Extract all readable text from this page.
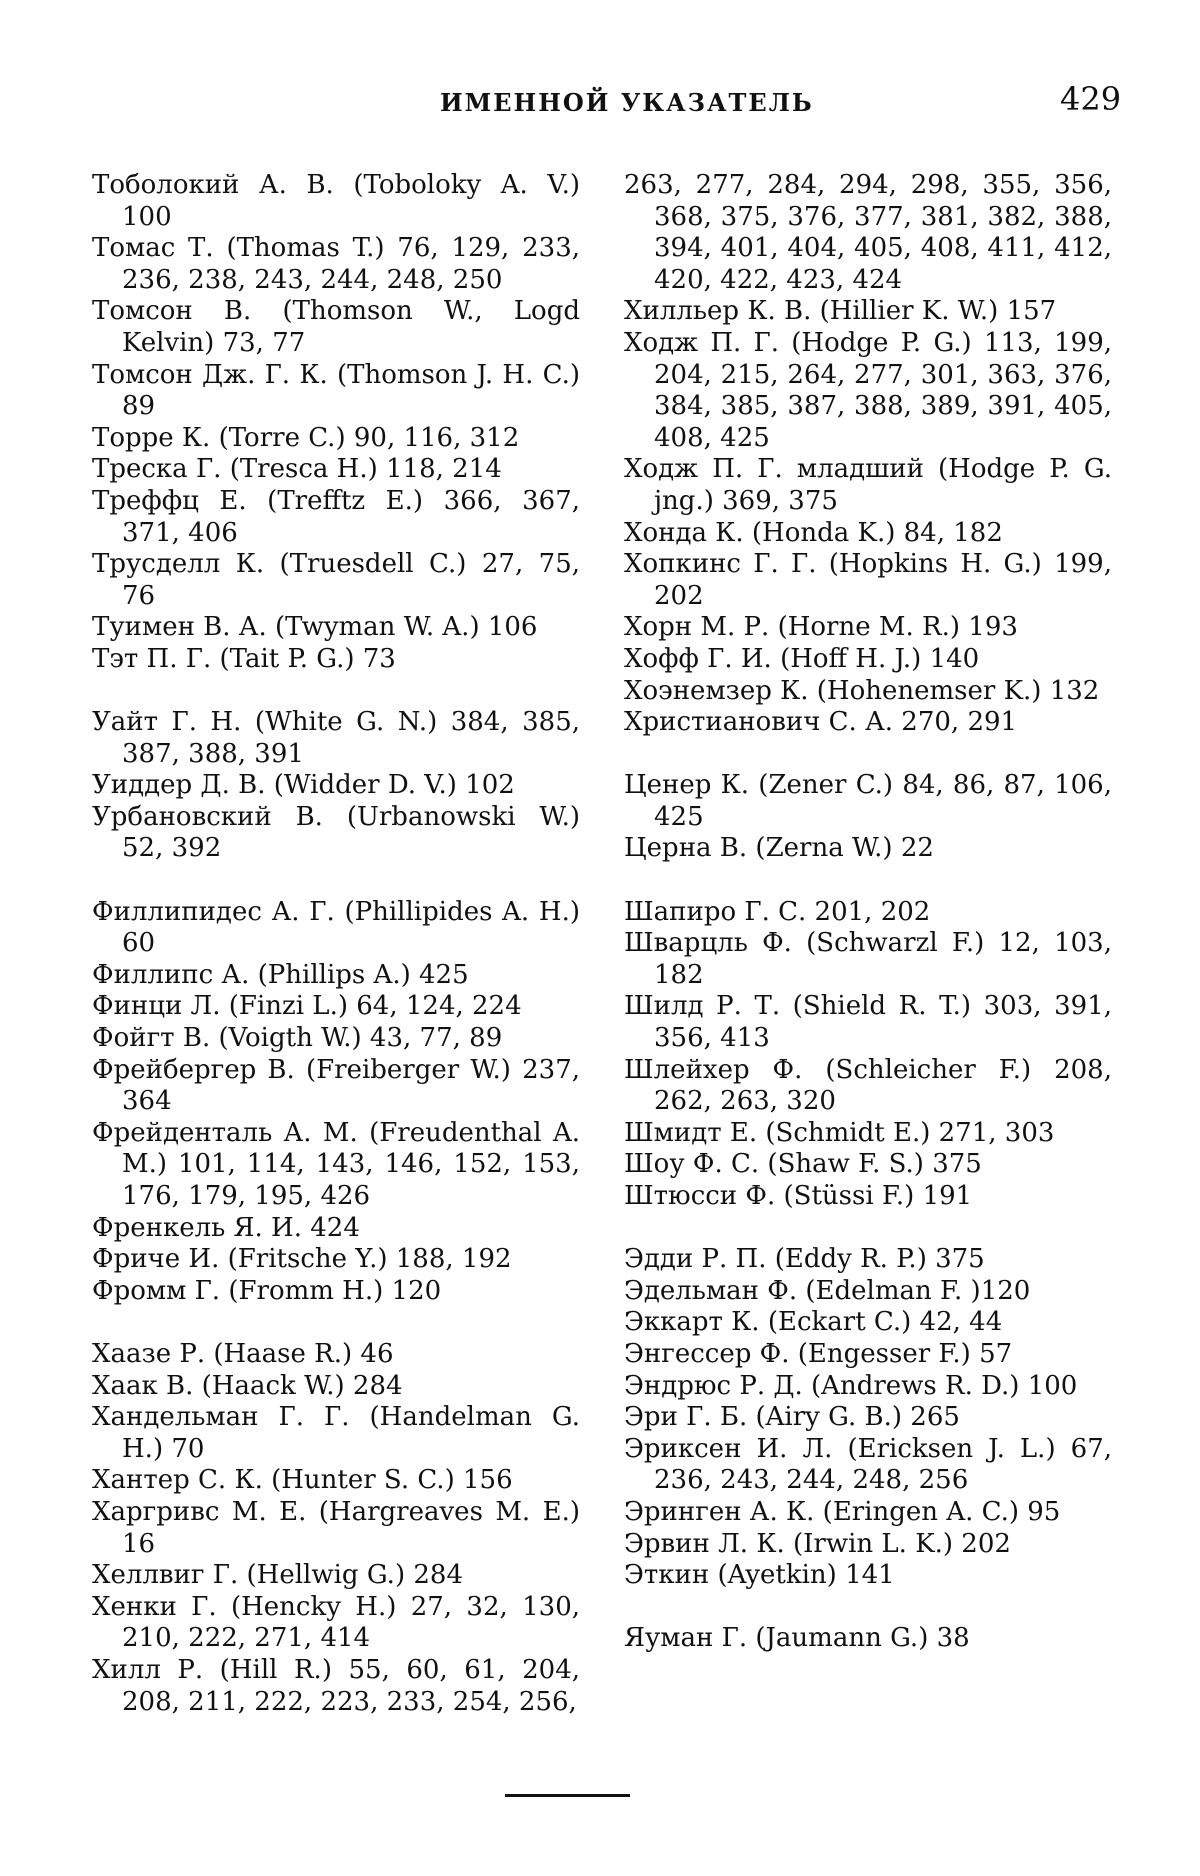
ИМЕННОЙ УКАЗАТЕЛЬ	429

Тоболокий А. В. (Toboloky A. V.) 100

Томас Т. (Thomas T.) 76, 129, 233, 236, 238, 243, 244, 248, 250

Томсон В. (Thomson W., Logd Kelvin) 73, 77

Томсон Дж. Г. К. (Thomson J. H. C.) 89

Торре К. (Torre C.) 90, 116, 312

Треска Г. (Tresca H.) 118, 214

Треффц Е. (Trefftz E.) 366, 367, 371, 406

Трусделл К. (Truesdell C.) 27, 75, 76

Туимен В. А. (Twyman W. A.) 106

Тэт П. Г. (Tait P. G.) 73

Уайт Г. Н. (White G. N.) 384, 385, 387, 388, 391

Уиддер Д. В. (Widder D. V.) 102

Урбановский В. (Urbanowski W.) 52, 392

Филлипидес А. Г. (Phillipides A. H.) 60

Филлипс А. (Phillips A.) 425

Финци Л. (Finzi L.) 64, 124, 224

Фойгт В. (Voigth W.) 43, 77, 89

Фрейбергер В. (Freiberger W.) 237, 364

Фрейденталь А. М. (Freudenthal A. M.) 101, 114, 143, 146, 152, 153, 176, 179, 195, 426

Френкель Я. И. 424

Фриче И. (Fritsche Y.) 188, 192

Фромм Г. (Fromm H.) 120

Хаазе Р. (Haase R.) 46

Хаак В. (Haack W.) 284

Хандельман Г. Г. (Handelman G. H.) 70

Хантер С. К. (Hunter S. C.) 156

Харгривс М. Е. (Hargreaves M. E.) 16

Хеллвиг Г. (Hellwig G.) 284

Хенки Г. (Hencky H.) 27, 32, 130, 210, 222, 271, 414

Хилл Р. (Hill R.) 55, 60, 61, 204, 208, 211, 222, 223, 233, 254, 256,

263, 277, 284, 294, 298, 355, 356, 368, 375, 376, 377, 381, 382, 388, 394, 401, 404, 405, 408, 411, 412, 420, 422, 423, 424

Хилльер К. В. (Hillier K. W.) 157

Ходж П. Г. (Hodge P. G.) 113, 199, 204, 215, 264, 277, 301, 363, 376, 384, 385, 387, 388, 389, 391, 405, 408, 425

Ходж П. Г. младший (Hodge P. G. jng.) 369, 375

Хонда К. (Honda K.) 84, 182

Хопкинс Г. Г. (Hopkins H. G.) 199, 202

Хорн М. Р. (Horne M. R.) 193

Хофф Г. И. (Hoff H. J.) 140

Хоэнемзер К. (Hohenemser K.) 132

Христианович С. А. 270, 291

Ценер К. (Zener C.) 84, 86, 87, 106, 425

Церна В. (Zerna W.) 22

Шапиро Г. С. 201, 202

Шварцль Ф. (Schwarzl F.) 12, 103, 182

Шилд Р. Т. (Shield R. T.) 303, 391, 356, 413

Шлейхер Ф. (Schleicher F.) 208, 262, 263, 320

Шмидт Е. (Schmidt E.) 271, 303

Шоу Ф. С. (Shaw F. S.) 375

Штюсси Ф. (Stüssi F.) 191

Эдди Р. П. (Eddy R. P.) 375

Эдельман Ф. (Edelman F. )120

Эккарт К. (Eckart C.) 42, 44

Энгессер Ф. (Engesser F.) 57

Эндрюс Р. Д. (Andrews R. D.) 100

Эри Г. Б. (Airy G. B.) 265

Эриксен И. Л. (Ericksen J. L.) 67, 236, 243, 244, 248, 256

Эринген А. К. (Eringen A. C.) 95

Эрвин Л. К. (Irwin L. K.) 202

Эткин (Ayetkin) 141

Яуман Г. (Jaumann G.) 38
